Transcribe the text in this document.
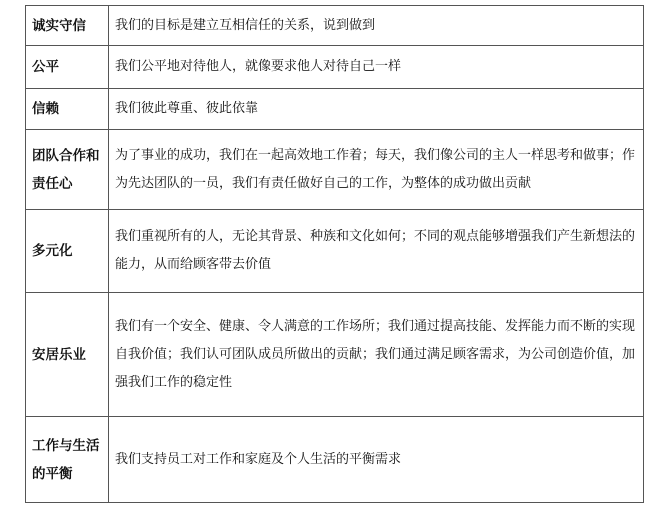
诚实守信	我们的目标是建立互相信任的关系，说到做到
公平	我们公平地对待他人，就像要求他人对待自己一样
信赖	我们彼此尊重、彼此依靠
团队合作和责任心	为了事业的成功，我们在一起高效地工作着；每天，我们像公司的主人一样思考和做事；作为先达团队的一员，我们有责任做好自己的工作，为整体的成功做出贡献
多元化	我们重视所有的人，无论其背景、种族和文化如何；不同的观点能够增强我们产生新想法的能力，从而给顾客带去价值
安居乐业	我们有一个安全、健康、令人满意的工作场所；我们通过提高技能、发挥能力而不断的实现自我价值；我们认可团队成员所做出的贡献；我们通过满足顾客需求，为公司创造价值，加强我们工作的稳定性
工作与生活的平衡	我们支持员工对工作和家庭及个人生活的平衡需求
